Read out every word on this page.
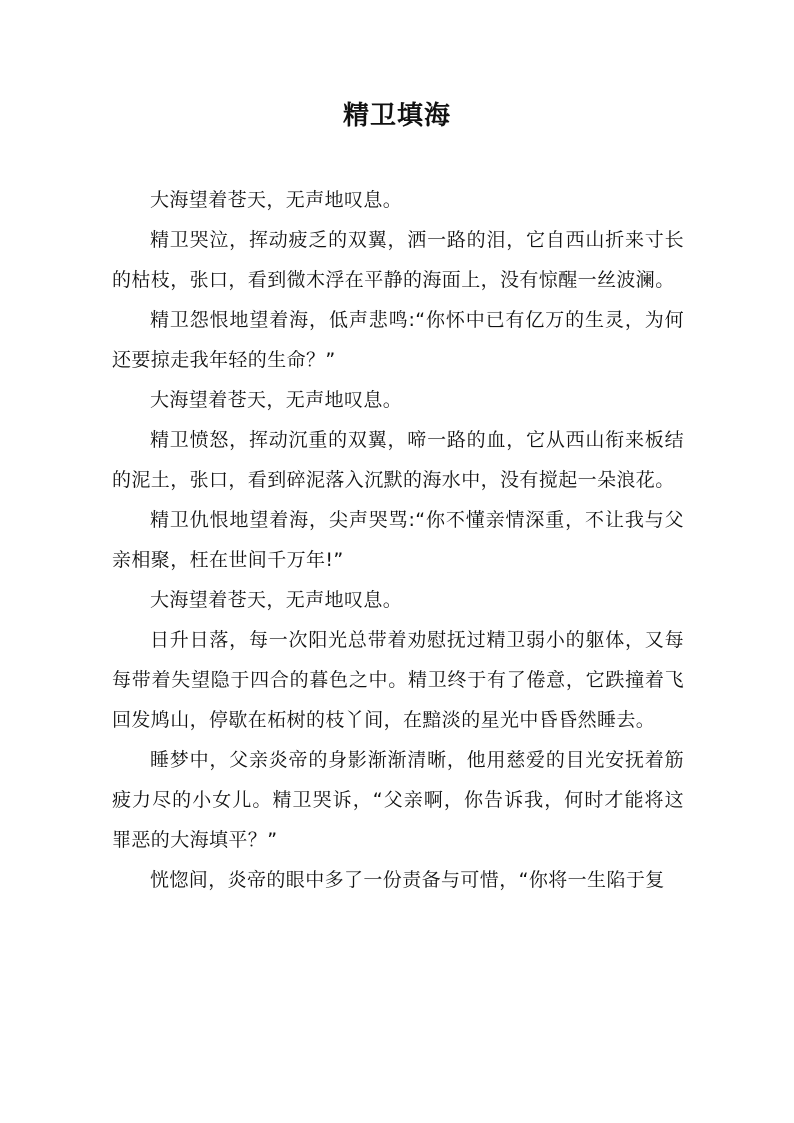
精卫填海

大海望着苍天，无声地叹息。

精卫哭泣，挥动疲乏的双翼，洒一路的泪，它自西山折来寸长的枯枝，张口，看到微木浮在平静的海面上，没有惊醒一丝波澜。

精卫怨恨地望着海，低声悲鸣:“你怀中已有亿万的生灵，为何还要掠走我年轻的生命？”

大海望着苍天，无声地叹息。

精卫愤怒，挥动沉重的双翼，啼一路的血，它从西山衔来板结的泥土，张口，看到碎泥落入沉默的海水中，没有搅起一朵浪花。

精卫仇恨地望着海，尖声哭骂:“你不懂亲情深重，不让我与父亲相聚，枉在世间千万年!”

大海望着苍天，无声地叹息。

日升日落，每一次阳光总带着劝慰抚过精卫弱小的躯体，又每每带着失望隐于四合的暮色之中。精卫终于有了倦意，它跌撞着飞回发鸠山，停歇在柘树的枝丫间，在黯淡的星光中昏昏然睡去。

睡梦中，父亲炎帝的身影渐渐清晰，他用慈爱的目光安抚着筋疲力尽的小女儿。精卫哭诉，“父亲啊，你告诉我，何时才能将这罪恶的大海填平？”

恍惚间，炎帝的眼中多了一份责备与可惜，“你将一生陷于复
